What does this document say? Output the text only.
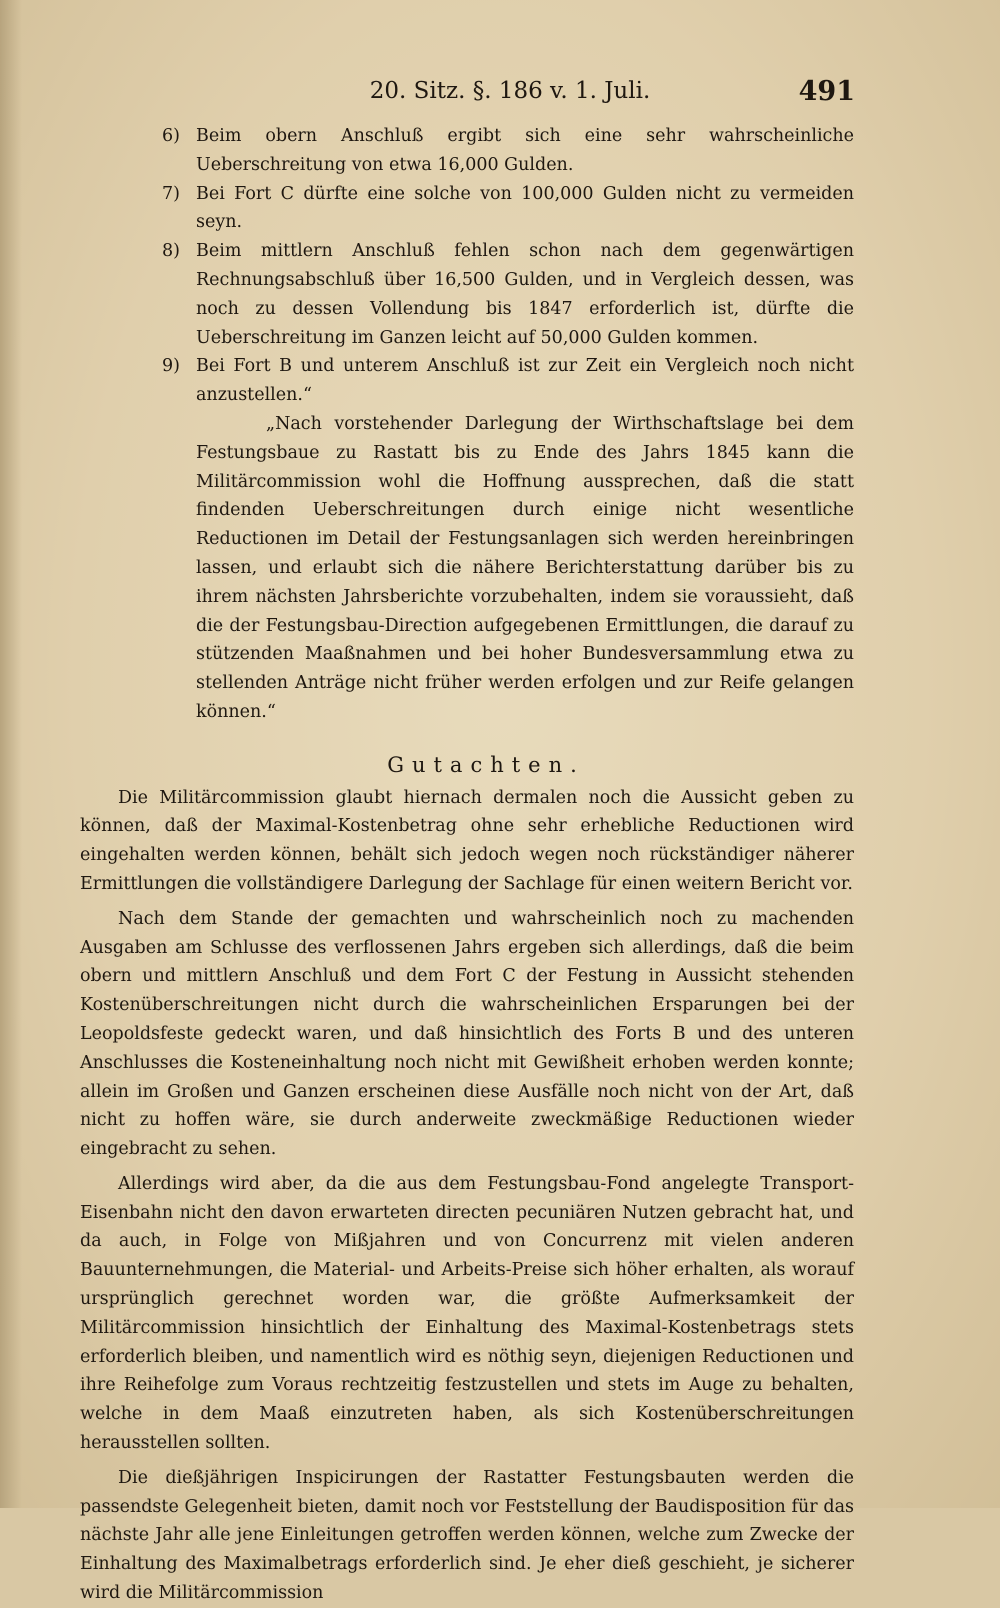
20. Sitz. §. 186 v. 1. Juli.	491
6) Beim obern Anschluß ergibt sich eine sehr wahrscheinliche Ueberschreitung von etwa 16,000 Gulden.
7) Bei Fort C dürfte eine solche von 100,000 Gulden nicht zu vermeiden seyn.
8) Beim mittlern Anschluß fehlen schon nach dem gegenwärtigen Rechnungsabschluß über 16,500 Gulden, und in Vergleich dessen, was noch zu dessen Vollendung bis 1847 erforderlich ist, dürfte die Ueberschreitung im Ganzen leicht auf 50,000 Gulden kommen.
9) Bei Fort B und unterem Anschluß ist zur Zeit ein Vergleich noch nicht anzustellen.“
„Nach vorstehender Darlegung der Wirthschaftslage bei dem Festungsbaue zu Rastatt bis zu Ende des Jahrs 1845 kann die Militärcommission wohl die Hoffnung aussprechen, daß die statt findenden Ueberschreitungen durch einige nicht wesentliche Reductionen im Detail der Festungsanlagen sich werden hereinbringen lassen, und erlaubt sich die nähere Berichterstattung darüber bis zu ihrem nächsten Jahrsberichte vorzubehalten, indem sie voraussieht, daß die der Festungsbau-Direction aufgegebenen Ermittlungen, die darauf zu stützenden Maaßnahmen und bei hoher Bundesversammlung etwa zu stellenden Anträge nicht früher werden erfolgen und zur Reife gelangen können.“
Gutachten.

Die Militärcommission glaubt hiernach dermalen noch die Aussicht geben zu können, daß der Maximal-Kostenbetrag ohne sehr erhebliche Reductionen wird eingehalten werden können, behält sich jedoch wegen noch rückständiger näherer Ermittlungen die vollständigere Darlegung der Sachlage für einen weitern Bericht vor.

Nach dem Stande der gemachten und wahrscheinlich noch zu machenden Ausgaben am Schlusse des verflossenen Jahrs ergeben sich allerdings, daß die beim obern und mittlern Anschluß und dem Fort C der Festung in Aussicht stehenden Kostenüberschreitungen nicht durch die wahrscheinlichen Ersparungen bei der Leopoldsfeste gedeckt waren, und daß hinsichtlich des Forts B und des unteren Anschlusses die Kosteneinhaltung noch nicht mit Gewißheit erhoben werden konnte; allein im Großen und Ganzen erscheinen diese Ausfälle noch nicht von der Art, daß nicht zu hoffen wäre, sie durch anderweite zweckmäßige Reductionen wieder eingebracht zu sehen.

Allerdings wird aber, da die aus dem Festungsbau-Fond angelegte Transport-Eisenbahn nicht den davon erwarteten directen pecuniären Nutzen gebracht hat, und da auch, in Folge von Mißjahren und von Concurrenz mit vielen anderen Bauunternehmungen, die Material- und Arbeits-Preise sich höher erhalten, als worauf ursprünglich gerechnet worden war, die größte Aufmerksamkeit der Militärcommission hinsichtlich der Einhaltung des Maximal-Kostenbetrags stets erforderlich bleiben, und namentlich wird es nöthig seyn, diejenigen Reductionen und ihre Reihefolge zum Voraus rechtzeitig festzustellen und stets im Auge zu behalten, welche in dem Maaß einzutreten haben, als sich Kostenüberschreitungen herausstellen sollten.

Die dießjährigen Inspicirungen der Rastatter Festungsbauten werden die passendste Gelegenheit bieten, damit noch vor Feststellung der Baudisposition für das nächste Jahr alle jene Einleitungen getroffen werden können, welche zum Zwecke der Einhaltung des Maximalbetrags erforderlich sind. Je eher dieß geschieht, je sicherer wird die Militärcommission
